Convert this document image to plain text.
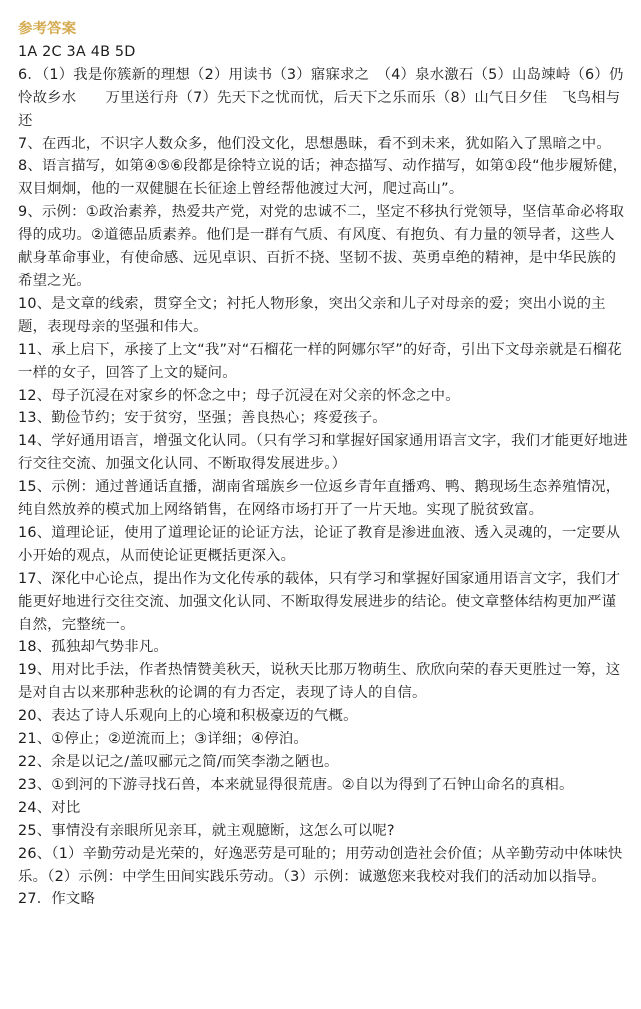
参考答案

1A 2C 3A 4B 5D

6．（1）我是你簇新的理想（2）用读书（3）寤寐求之　（4）泉水激石（5）山岛竦峙（6）仍怜故乡水　　万里送行舟（7）先天下之忧而忧，后天下之乐而乐（8）山气日夕佳　飞鸟相与还

7、在西北，不识字人数众多，他们没文化，思想愚昧，看不到未来，犹如陷入了黑暗之中。

8、语言描写，如第④⑤⑥段都是徐特立说的话；神态描写、动作描写，如第①段“他步履矫健，双目炯炯，他的一双健腿在长征途上曾经帮他渡过大河，爬过高山”。

9、示例：①政治素养，热爱共产党，对党的忠诚不二，坚定不移执行党领导，坚信革命必将取得的成功。②道德品质素养。他们是一群有气质、有风度、有抱负、有力量的领导者，这些人献身革命事业，有使命感、远见卓识、百折不挠、坚韧不拔、英勇卓绝的精神，是中华民族的希望之光。

10、是文章的线索，贯穿全文；衬托人物形象，突出父亲和儿子对母亲的爱；突出小说的主题，表现母亲的坚强和伟大。

11、承上启下，承接了上文“我”对“石榴花一样的阿娜尔罕”的好奇，引出下文母亲就是石榴花一样的女子，回答了上文的疑问。

12、母子沉浸在对家乡的怀念之中；母子沉浸在对父亲的怀念之中。

13、勤俭节约；安于贫穷，坚强；善良热心；疼爱孩子。

14、学好通用语言，增强文化认同。（只有学习和掌握好国家通用语言文字，我们才能更好地进行交往交流、加强文化认同、不断取得发展进步。）

15、示例：通过普通话直播，湖南省瑶族乡一位返乡青年直播鸡、鸭、鹅现场生态养殖情况，纯自然放养的模式加上网络销售，在网络市场打开了一片天地。实现了脱贫致富。

16、道理论证，使用了道理论证的论证方法，论证了教育是渗进血液、透入灵魂的，一定要从小开始的观点，从而使论证更概括更深入。

17、深化中心论点，提出作为文化传承的载体，只有学习和掌握好国家通用语言文字，我们才能更好地进行交往交流、加强文化认同、不断取得发展进步的结论。使文章整体结构更加严谨自然，完整统一。

18、孤独却气势非凡。

19、用对比手法，作者热情赞美秋天，说秋天比那万物萌生、欣欣向荣的春天更胜过一筹，这是对自古以来那种悲秋的论调的有力否定，表现了诗人的自信。

20、表达了诗人乐观向上的心境和积极豪迈的气概。

21、①停止；②逆流而上；③详细；④停泊。

22、余是以记之/盖叹郦元之简/而笑李渤之陋也。

23、①到河的下游寻找石兽，本来就显得很荒唐。②自以为得到了石钟山命名的真相。

24、对比

25、事情没有亲眼所见亲耳，就主观臆断，这怎么可以呢?

26、（1）辛勤劳动是光荣的，好逸恶劳是可耻的；用劳动创造社会价值；从辛勤劳动中体味快乐。（2）示例：中学生田间实践乐劳动。（3）示例：诚邀您来我校对我们的活动加以指导。

27．作文略
